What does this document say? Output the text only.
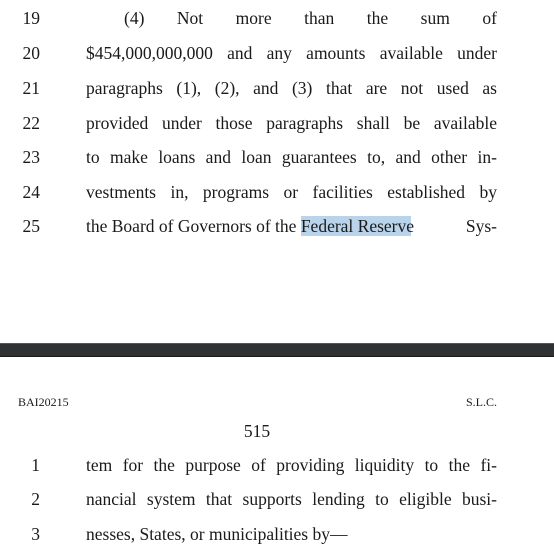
19	(4) Not more than the sum of
20	$454,000,000,000 and any amounts available under
21	paragraphs (1), (2), and (3) that are not used as
22	provided under those paragraphs shall be available
23	to make loans and loan guarantees to, and other in-
24	vestments in, programs or facilities established by
25	the Board of Governors of the Federal Reserve	Sys-
BAI20215	S.L.C.
515
1	tem for the purpose of providing liquidity to the fi-
2	nancial system that supports lending to eligible busi-
3	nesses, States, or municipalities by—
